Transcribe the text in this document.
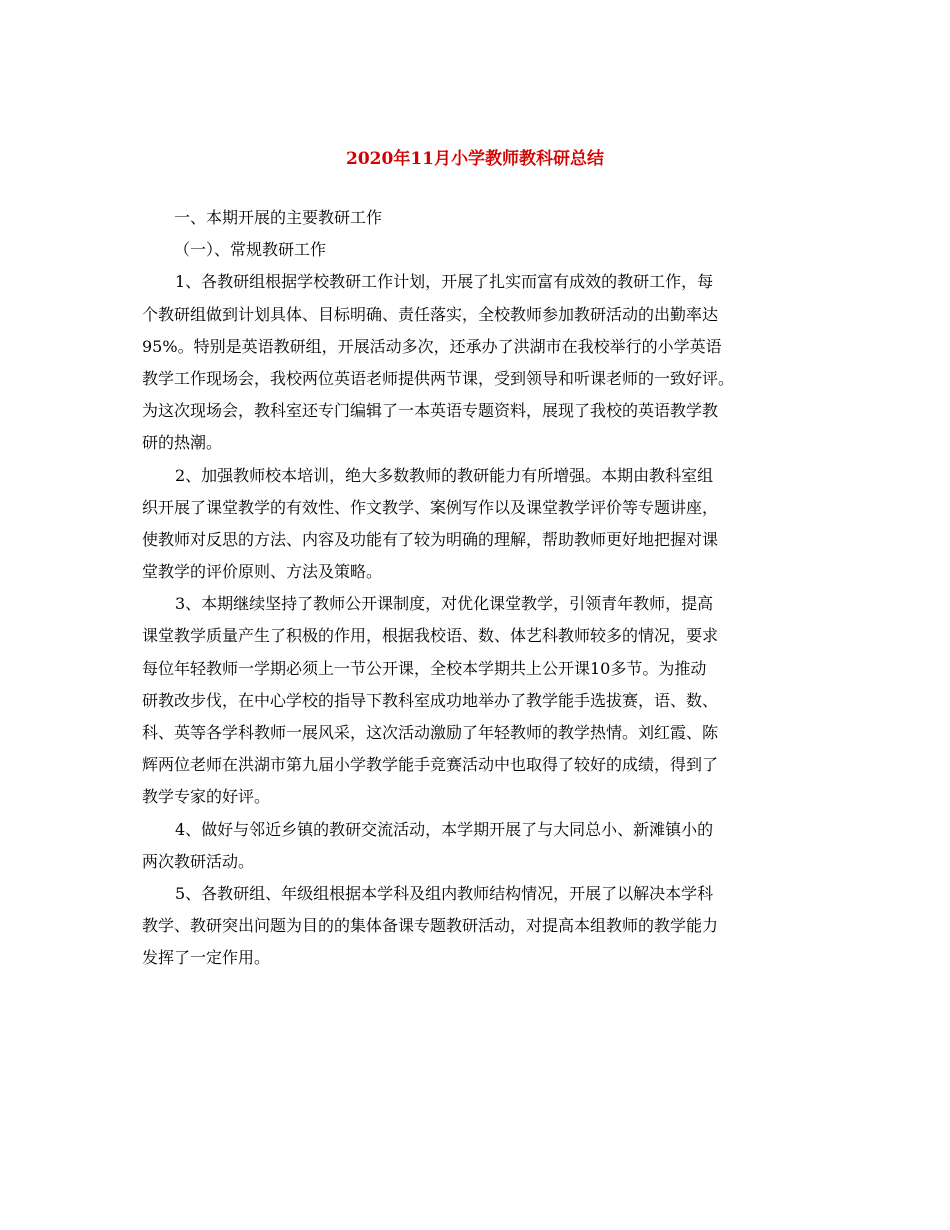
2020年11月小学教师教科研总结
一、本期开展的主要教研工作
（一）、常规教研工作
1、各教研组根据学校教研工作计划，开展了扎实而富有成效的教研工作，每
个教研组做到计划具体、目标明确、责任落实，全校教师参加教研活动的出勤率达
95%。特别是英语教研组，开展活动多次，还承办了洪湖市在我校举行的小学英语
教学工作现场会，我校两位英语老师提供两节课，受到领导和听课老师的一致好评。
为这次现场会，教科室还专门编辑了一本英语专题资料，展现了我校的英语教学教
研的热潮。
2、加强教师校本培训，绝大多数教师的教研能力有所增强。本期由教科室组
织开展了课堂教学的有效性、作文教学、案例写作以及课堂教学评价等专题讲座，
使教师对反思的方法、内容及功能有了较为明确的理解，帮助教师更好地把握对课
堂教学的评价原则、方法及策略。
3、本期继续坚持了教师公开课制度，对优化课堂教学，引领青年教师，提高
课堂教学质量产生了积极的作用，根据我校语、数、体艺科教师较多的情况，要求
每位年轻教师一学期必须上一节公开课，全校本学期共上公开课10多节。为推动
研教改步伐，在中心学校的指导下教科室成功地举办了教学能手选拔赛，语、数、
科、英等各学科教师一展风采，这次活动激励了年轻教师的教学热情。刘红霞、陈
辉两位老师在洪湖市第九届小学教学能手竞赛活动中也取得了较好的成绩，得到了
教学专家的好评。
4、做好与邻近乡镇的教研交流活动，本学期开展了与大同总小、新滩镇小的
两次教研活动。
5、各教研组、年级组根据本学科及组内教师结构情况，开展了以解决本学科
教学、教研突出问题为目的的集体备课专题教研活动，对提高本组教师的教学能力
发挥了一定作用。
